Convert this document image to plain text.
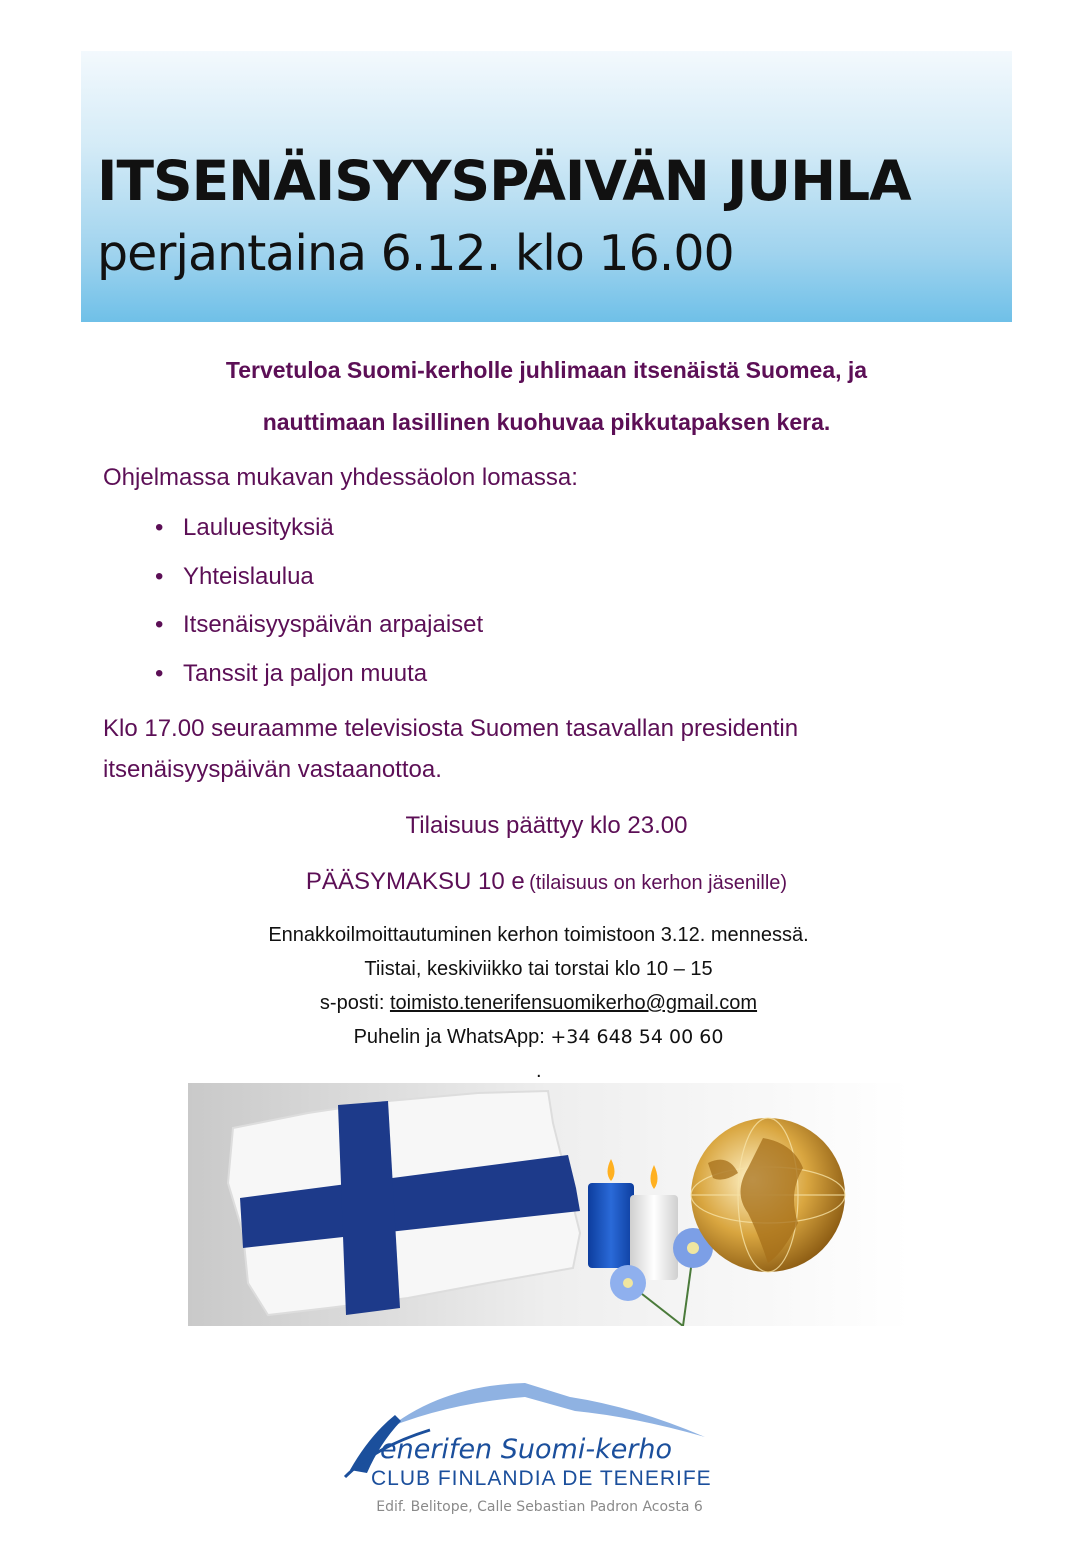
ITSENÄISYYSPÄIVÄN JUHLA
perjantaina 6.12. klo 16.00
Tervetuloa Suomi-kerholle juhlimaan itsenäistä Suomea, ja
nauttimaan lasillinen kuohuvaa pikkutapaksen kera.
Ohjelmassa mukavan yhdessäolon lomassa:
• Lauluesityksiä
• Yhteislaulua
• Itsenäisyyspäivän arpajaiset
• Tanssit ja paljon muuta
Klo 17.00 seuraamme televisiosta Suomen tasavallan presidentin
itsenäisyyspäivän vastaanottoa.
Tilaisuus päättyy klo 23.00
PÄÄSYMAKSU 10 e (tilaisuus on kerhon jäsenille)
Ennakkoilmoittautuminen kerhon toimistoon 3.12. mennessä.
Tiistai, keskiviikko tai torstai klo 10 – 15
s-posti: toimisto.tenerifensuomikerho@gmail.com
Puhelin ja WhatsApp: +34 648 54 00 60
.
enerifen Suomi-kerho
CLUB FINLANDIA DE TENERIFE
Edif. Belitope, Calle Sebastian Padron Acosta 6
